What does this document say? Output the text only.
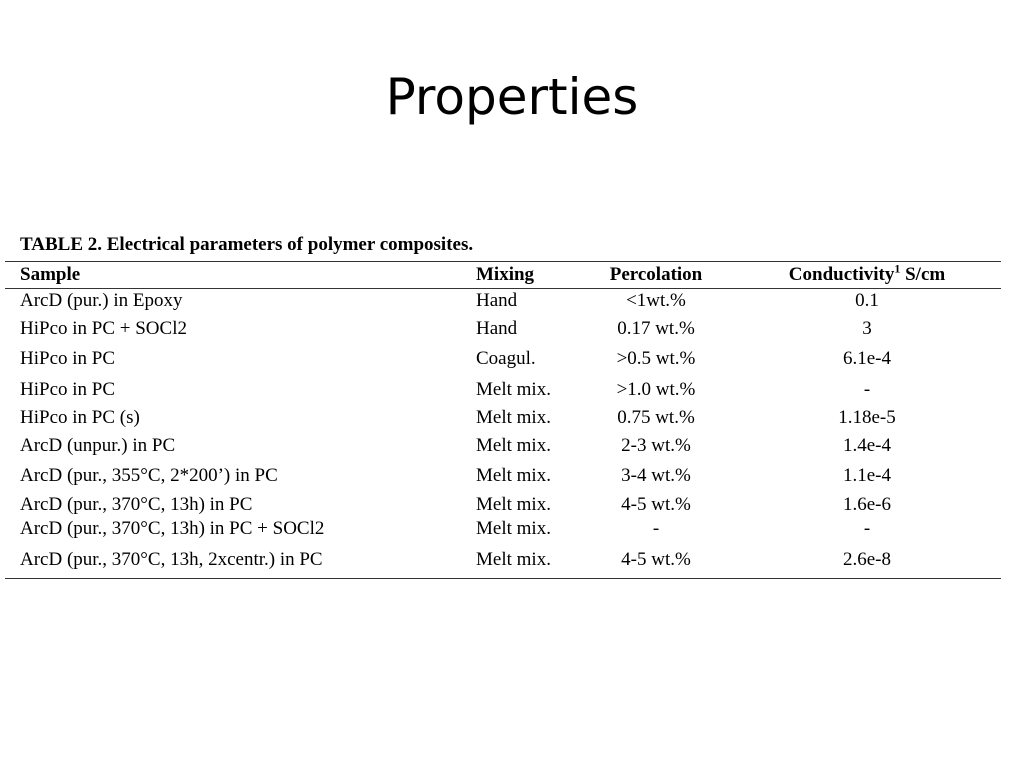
Properties
TABLE 2. Electrical parameters of polymer composites.
Sample	Mixing	Percolation	Conductivity$^1$ S/cm
ArcD (pur.) in Epoxy	Hand	<1wt.%	0.1
HiPco in PC + SOCl2	Hand	0.17 wt.%	3
HiPco in PC	Coagul.	>0.5 wt.%	6.1e-4
HiPco in PC	Melt mix.	>1.0 wt.%	-
HiPco in PC (s)	Melt mix.	0.75 wt.%	1.18e-5
ArcD (unpur.) in PC	Melt mix.	2-3 wt.%	1.4e-4
ArcD (pur., 355°C, 2*200’) in PC	Melt mix.	3-4 wt.%	1.1e-4
ArcD (pur., 370°C, 13h) in PC	Melt mix.	4-5 wt.%	1.6e-6
ArcD (pur., 370°C, 13h) in PC + SOCl2	Melt mix.	-	-
ArcD (pur., 370°C, 13h, 2xcentr.) in PC	Melt mix.	4-5 wt.%	2.6e-8
